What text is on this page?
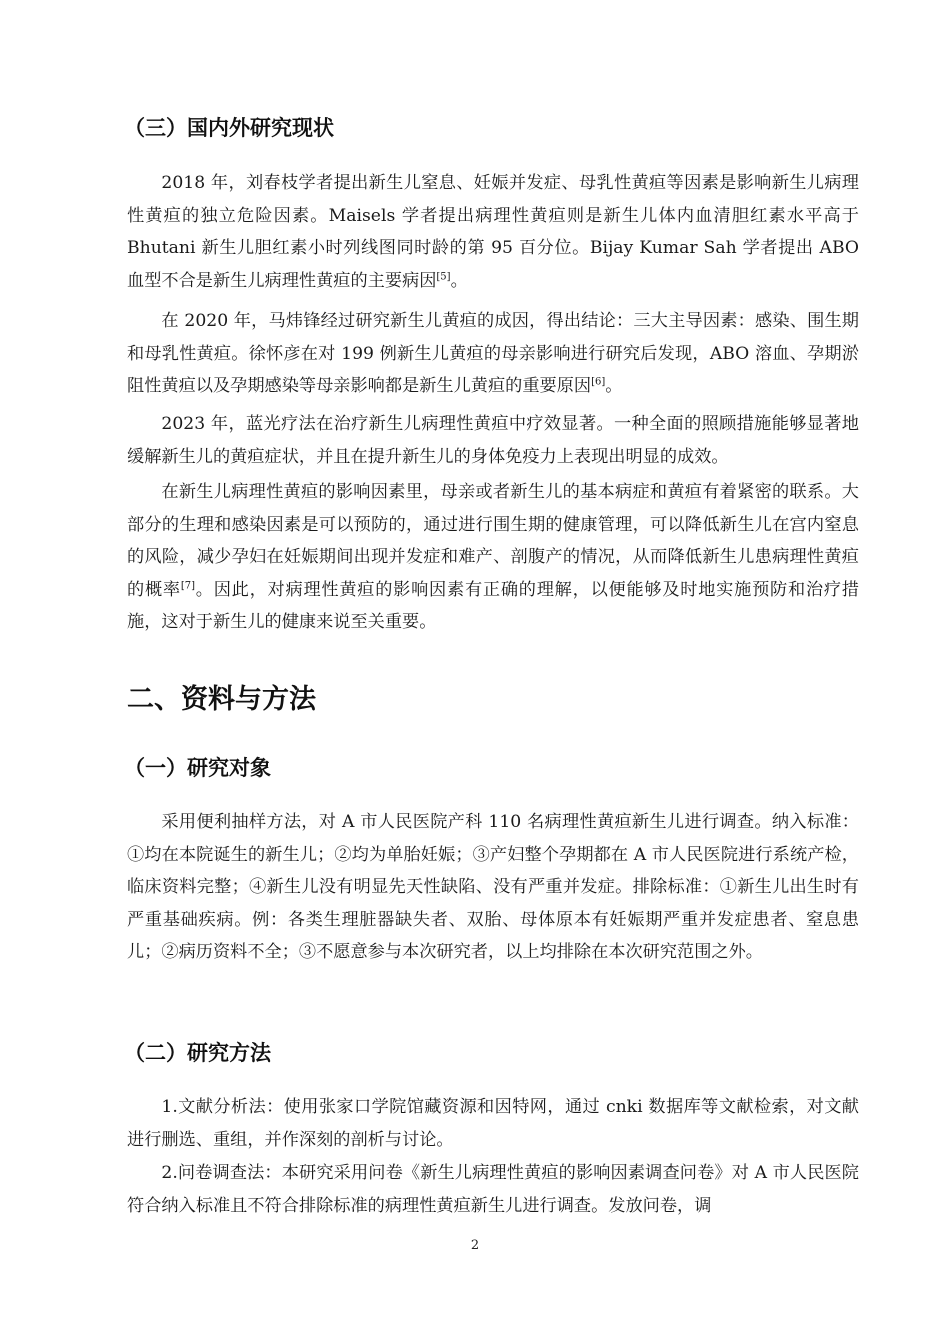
（三）国内外研究现状

2018 年，刘春枝学者提出新生儿窒息、妊娠并发症、母乳性黄疸等因素是影响新生儿病理性黄疸的独立危险因素。Maisels 学者提出病理性黄疸则是新生儿体内血清胆红素水平高于 Bhutani 新生儿胆红素小时列线图同时龄的第 95 百分位。Bijay Kumar Sah 学者提出 ABO 血型不合是新生儿病理性黄疸的主要病因[5]。

在 2020 年，马炜锋经过研究新生儿黄疸的成因，得出结论：三大主导因素：感染、围生期和母乳性黄疸。徐怀彦在对 199 例新生儿黄疸的母亲影响进行研究后发现，ABO 溶血、孕期淤阻性黄疸以及孕期感染等母亲影响都是新生儿黄疸的重要原因[6]。

2023 年，蓝光疗法在治疗新生儿病理性黄疸中疗效显著。一种全面的照顾措施能够显著地缓解新生儿的黄疸症状，并且在提升新生儿的身体免疫力上表现出明显的成效。

在新生儿病理性黄疸的影响因素里，母亲或者新生儿的基本病症和黄疸有着紧密的联系。大部分的生理和感染因素是可以预防的，通过进行围生期的健康管理，可以降低新生儿在宫内窒息的风险，减少孕妇在妊娠期间出现并发症和难产、剖腹产的情况，从而降低新生儿患病理性黄疸的概率[7]。因此，对病理性黄疸的影响因素有正确的理解，以便能够及时地实施预防和治疗措施，这对于新生儿的健康来说至关重要。

二、资料与方法
（一）研究对象

采用便利抽样方法，对 A 市人民医院产科 110 名病理性黄疸新生儿进行调查。纳入标准：①均在本院诞生的新生儿；②均为单胎妊娠；③产妇整个孕期都在 A 市人民医院进行系统产检，临床资料完整；④新生儿没有明显先天性缺陷、没有严重并发症。排除标准：①新生儿出生时有严重基础疾病。例：各类生理脏器缺失者、双胎、母体原本有妊娠期严重并发症患者、窒息患儿；②病历资料不全；③不愿意参与本次研究者，以上均排除在本次研究范围之外。

（二）研究方法

1.文献分析法：使用张家口学院馆藏资源和因特网，通过 cnki 数据库等文献检索，对文献进行删选、重组，并作深刻的剖析与讨论。

2.问卷调查法：本研究采用问卷《新生儿病理性黄疸的影响因素调查问卷》对 A 市人民医院符合纳入标准且不符合排除标准的病理性黄疸新生儿进行调查。发放问卷，调

2
